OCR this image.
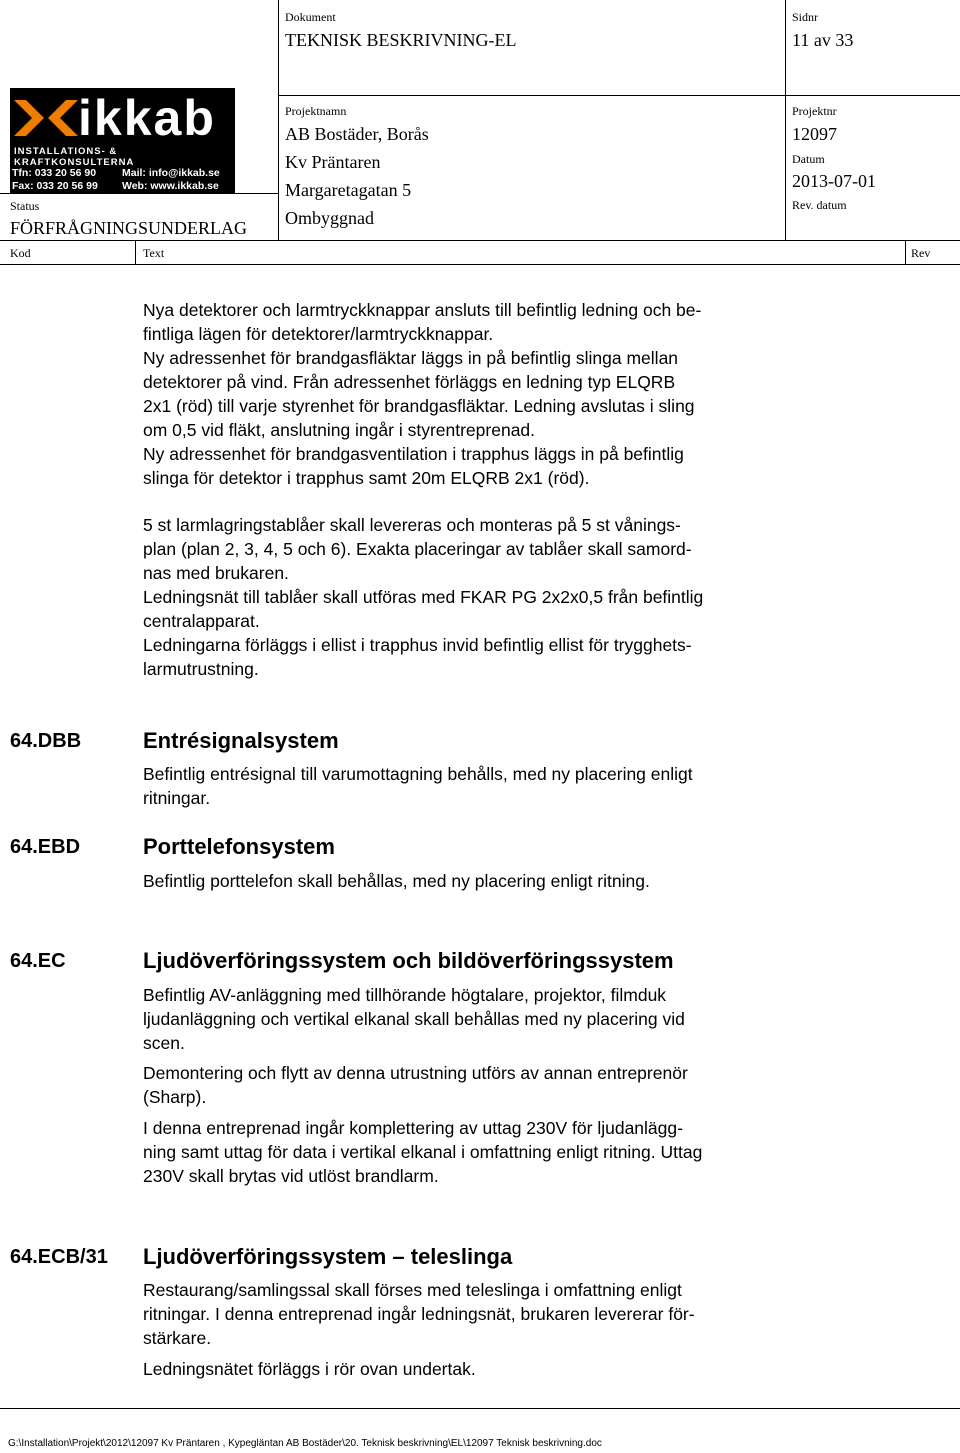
Dokument
TEKNISK BESKRIVNING-EL
Sidnr
11 av 33
Projektnamn
AB Bostäder, Borås
Kv Präntaren
Margaretagatan 5
Ombyggnad
Projektnr
12097
Datum
2013-07-01
Rev. datum
Status
FÖRFRÅGNINGSUNDERLAG
Kod	Text	Rev
ikkab
INSTALLATIONS- & KRAFTKONSULTERNA
Tfn: 033 20 56 90 Mail: info@ikkab.se
Fax: 033 20 56 99 Web: www.ikkab.se

Nya detektorer och larmtryckknappar ansluts till befintlig ledning och be-

fintliga lägen för detektorer/larmtryckknappar.

Ny adressenhet för brandgasfläktar läggs in på befintlig slinga mellan

detektorer på vind. Från adressenhet förläggs en ledning typ ELQRB

2x1 (röd) till varje styrenhet för brandgasfläktar. Ledning avslutas i sling

om 0,5 vid fläkt, anslutning ingår i styrentreprenad.

Ny adressenhet för brandgasventilation i trapphus läggs in på befintlig

slinga för detektor i trapphus samt 20m ELQRB 2x1 (röd).

5 st larmlagringstablåer skall levereras och monteras på 5 st vånings-

plan (plan 2, 3, 4, 5 och 6). Exakta placeringar av tablåer skall samord-

nas med brukaren.

Ledningsnät till tablåer skall utföras med FKAR PG 2x2x0,5 från befintlig

centralapparat.

Ledningarna förläggs i ellist i trapphus invid befintlig ellist för trygghets-

larmutrustning.

64.DBB	Entrésignalsystem

Befintlig entrésignal till varumottagning behålls, med ny placering enligt

ritningar.

64.EBD	Porttelefonsystem

Befintlig porttelefon skall behållas, med ny placering enligt ritning.

64.EC	Ljudöverföringssystem och bildöverföringssystem

Befintlig AV-anläggning med tillhörande högtalare, projektor, filmduk

ljudanläggning och vertikal elkanal skall behållas med ny placering vid

scen.

Demontering och flytt av denna utrustning utförs av annan entreprenör

(Sharp).

I denna entreprenad ingår komplettering av uttag 230V för ljudanlägg-

ning samt uttag för data i vertikal elkanal i omfattning enligt ritning. Uttag

230V skall brytas vid utlöst brandlarm.

64.ECB/31 Ljudöverföringssystem – teleslinga

Restaurang/samlingssal skall förses med teleslinga i omfattning enligt

ritningar. I denna entreprenad ingår ledningsnät, brukaren levererar för-

stärkare.

Ledningsnätet förläggs i rör ovan undertak.

G:\Installation\Projekt\2012\12097 Kv Präntaren , Kypegläntan AB Bostäder\20. Teknisk beskrivning\EL\12097 Teknisk beskrivning.doc
